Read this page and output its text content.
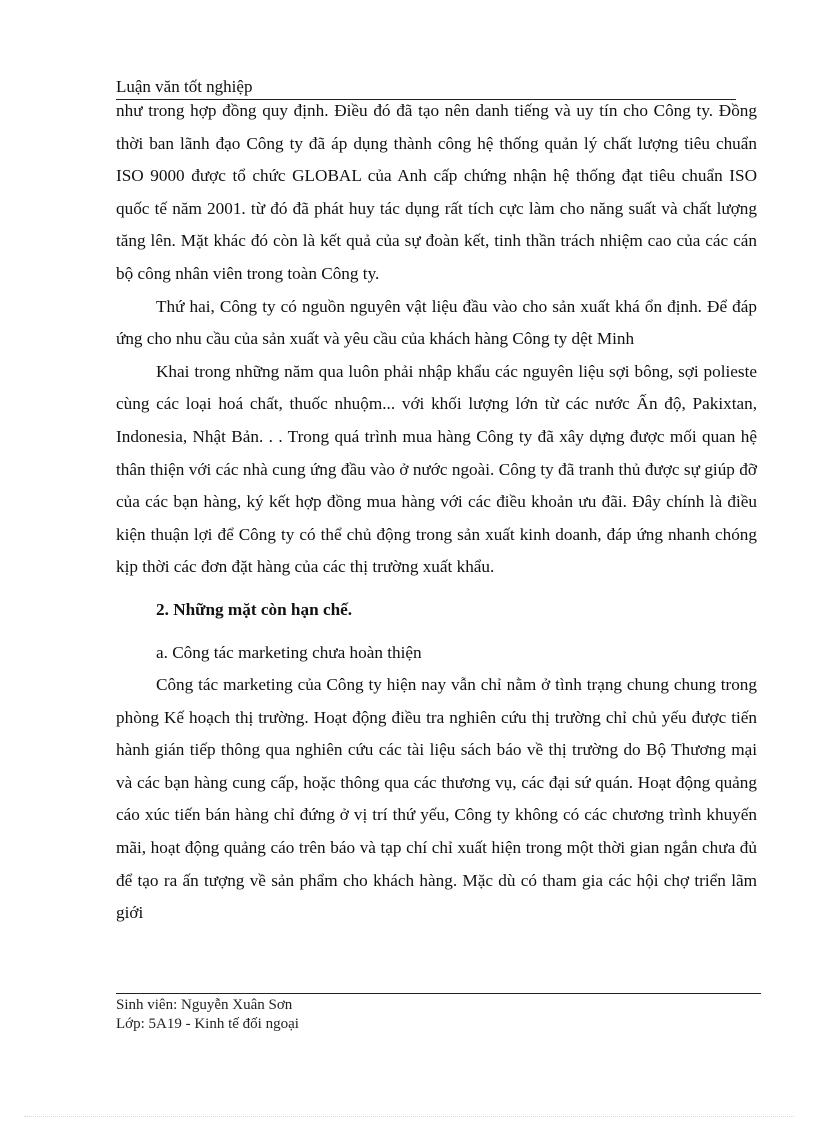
Luận văn tốt nghiệp

như trong hợp đồng quy định. Điều đó đã tạo nên danh tiếng và uy tín cho Công ty. Đồng thời ban lãnh đạo Công ty đã áp dụng thành công hệ thống quản lý chất lượng tiêu chuẩn ISO 9000 được tổ chức GLOBAL của Anh cấp chứng nhận hệ thống đạt tiêu chuẩn ISO quốc tế năm 2001. từ đó đã phát huy tác dụng rất tích cực làm cho năng suất và chất lượng tăng lên. Mặt khác đó còn là kết quả của sự đoàn kết, tinh thần trách nhiệm cao của các cán bộ công nhân viên trong toàn Công ty.

Thứ hai, Công ty có nguồn nguyên vật liệu đầu vào cho sản xuất khá ổn định. Để đáp ứng cho nhu cầu của sản xuất và yêu cầu của khách hàng Công ty dệt Minh

Khai trong những năm qua luôn phải nhập khẩu các nguyên liệu sợi bông, sợi polieste cùng các loại hoá chất, thuốc nhuộm... với khối lượng lớn từ các nước Ấn độ, Pakixtan, Indonesia, Nhật Bản. . . Trong quá trình mua hàng Công ty đã xây dựng được mối quan hệ thân thiện với các nhà cung ứng đầu vào ở nước ngoài. Công ty đã tranh thủ được sự giúp đỡ của các bạn hàng, ký kết hợp đồng mua hàng với các điều khoản ưu đãi. Đây chính là điều kiện thuận lợi để Công ty có thể chủ động trong sản xuất kinh doanh, đáp ứng nhanh chóng kịp thời các đơn đặt hàng của các thị trường xuất khẩu.

2. Những mặt còn hạn chế.

a. Công tác marketing chưa hoàn thiện

Công tác marketing của Công ty hiện nay vẫn chỉ nằm ở tình trạng chung chung trong phòng Kế hoạch thị trường. Hoạt động điều tra nghiên cứu thị trường chỉ chủ yếu được tiến hành gián tiếp thông qua nghiên cứu các tài liệu sách báo về thị trường do Bộ Thương mại và các bạn hàng cung cấp, hoặc thông qua các thương vụ, các đại sứ quán. Hoạt động quảng cáo xúc tiến bán hàng chỉ đứng ở vị trí thứ yếu, Công ty không có các chương trình khuyến mãi, hoạt động quảng cáo trên báo và tạp chí chỉ xuất hiện trong một thời gian ngắn chưa đủ để tạo ra ấn tượng về sản phẩm cho khách hàng. Mặc dù có tham gia các hội chợ triển lãm giới

Sinh viên: Nguyễn Xuân Sơn
Lớp: 5A19 - Kinh tế đối ngoại
